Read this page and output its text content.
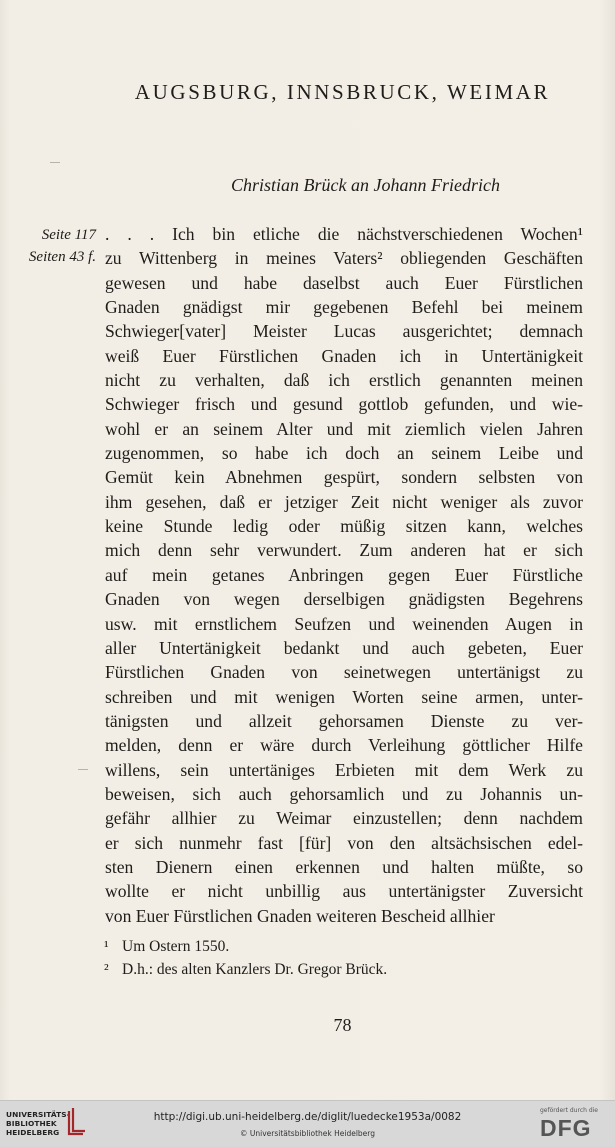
AUGSBURG, INNSBRUCK, WEIMAR
Christian Brück an Johann Friedrich
Seite 117
Seiten 43 f.
. . . Ich bin etliche die nächstverschiedenen Wochen¹
zu Wittenberg in meines Vaters² obliegenden Geschäften
gewesen und habe daselbst auch Euer Fürstlichen
Gnaden gnädigst mir gegebenen Befehl bei meinem
Schwieger[vater] Meister Lucas ausgerichtet; demnach
weiß Euer Fürstlichen Gnaden ich in Untertänigkeit
nicht zu verhalten, daß ich erstlich genannten meinen
Schwieger frisch und gesund gottlob gefunden, und wie-
wohl er an seinem Alter und mit ziemlich vielen Jahren
zugenommen, so habe ich doch an seinem Leibe und
Gemüt kein Abnehmen gespürt, sondern selbsten von
ihm gesehen, daß er jetziger Zeit nicht weniger als zuvor
keine Stunde ledig oder müßig sitzen kann, welches
mich denn sehr verwundert. Zum anderen hat er sich
auf mein getanes Anbringen gegen Euer Fürstliche
Gnaden von wegen derselbigen gnädigsten Begehrens
usw. mit ernstlichem Seufzen und weinenden Augen in
aller Untertänigkeit bedankt und auch gebeten, Euer
Fürstlichen Gnaden von seinetwegen untertänigst zu
schreiben und mit wenigen Worten seine armen, unter-
tänigsten und allzeit gehorsamen Dienste zu ver-
melden, denn er wäre durch Verleihung göttlicher Hilfe
willens, sein untertäniges Erbieten mit dem Werk zu
beweisen, sich auch gehorsamlich und zu Johannis un-
gefähr allhier zu Weimar einzustellen; denn nachdem
er sich nunmehr fast [für] von den altsächsischen edel-
sten Dienern einen erkennen und halten müßte, so
wollte er nicht unbillig aus untertänigster Zuversicht
von Euer Fürstlichen Gnaden weiteren Bescheid allhier
¹ Um Ostern 1550.
² D.h.: des alten Kanzlers Dr. Gregor Brück.
78
UNIVERSITÄTS-
BIBLIOTHEK
HEIDELBERG
http://digi.ub.uni-heidelberg.de/diglit/luedecke1953a/0082
© Universitätsbibliothek Heidelberg
gefördert durch die
DFG
